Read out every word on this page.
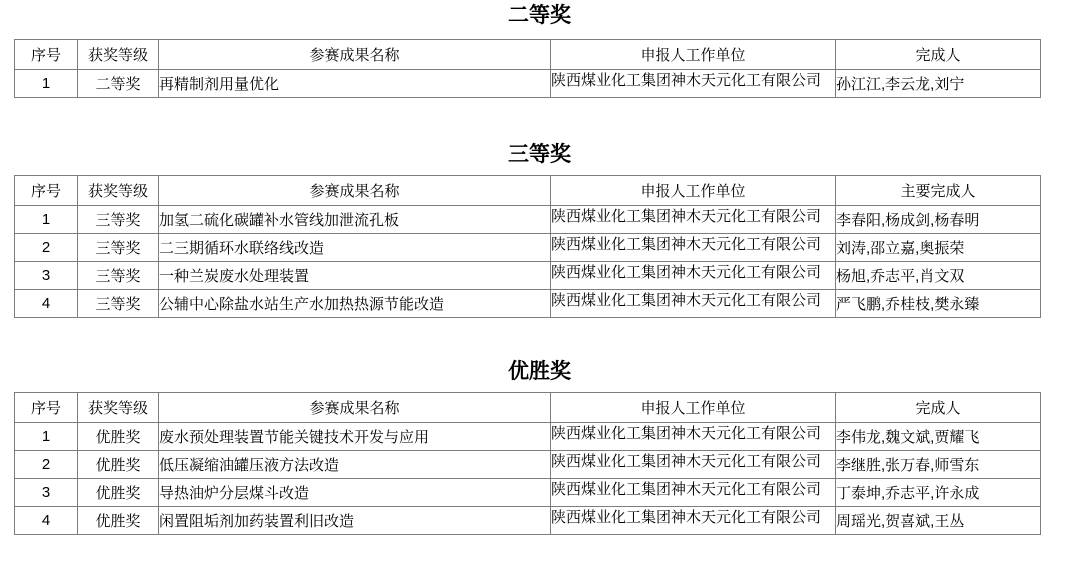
二等奖
序号	获奖等级	参赛成果名称	申报人工作单位	完成人
1	二等奖	再精制剂用量优化	陕西煤业化工集团神木天元化工有限公司	孙江江,李云龙,刘宁
三等奖
序号	获奖等级	参赛成果名称	申报人工作单位	主要完成人
1	三等奖	加氢二硫化碳罐补水管线加泄流孔板	陕西煤业化工集团神木天元化工有限公司	李春阳,杨成剑,杨春明
2	三等奖	二三期循环水联络线改造	陕西煤业化工集团神木天元化工有限公司	刘涛,邵立嘉,奥振荣
3	三等奖	一种兰炭废水处理装置	陕西煤业化工集团神木天元化工有限公司	杨旭,乔志平,肖文双
4	三等奖	公辅中心除盐水站生产水加热热源节能改造	陕西煤业化工集团神木天元化工有限公司	严飞鹏,乔桂枝,樊永臻
优胜奖
序号	获奖等级	参赛成果名称	申报人工作单位	完成人
1	优胜奖	废水预处理装置节能关键技术开发与应用	陕西煤业化工集团神木天元化工有限公司	李伟龙,魏文斌,贾耀飞
2	优胜奖	低压凝缩油罐压液方法改造	陕西煤业化工集团神木天元化工有限公司	李继胜,张万春,师雪东
3	优胜奖	导热油炉分层煤斗改造	陕西煤业化工集团神木天元化工有限公司	丁泰坤,乔志平,许永成
4	优胜奖	闲置阻垢剂加药装置利旧改造	陕西煤业化工集团神木天元化工有限公司	周瑶光,贺喜斌,王丛
